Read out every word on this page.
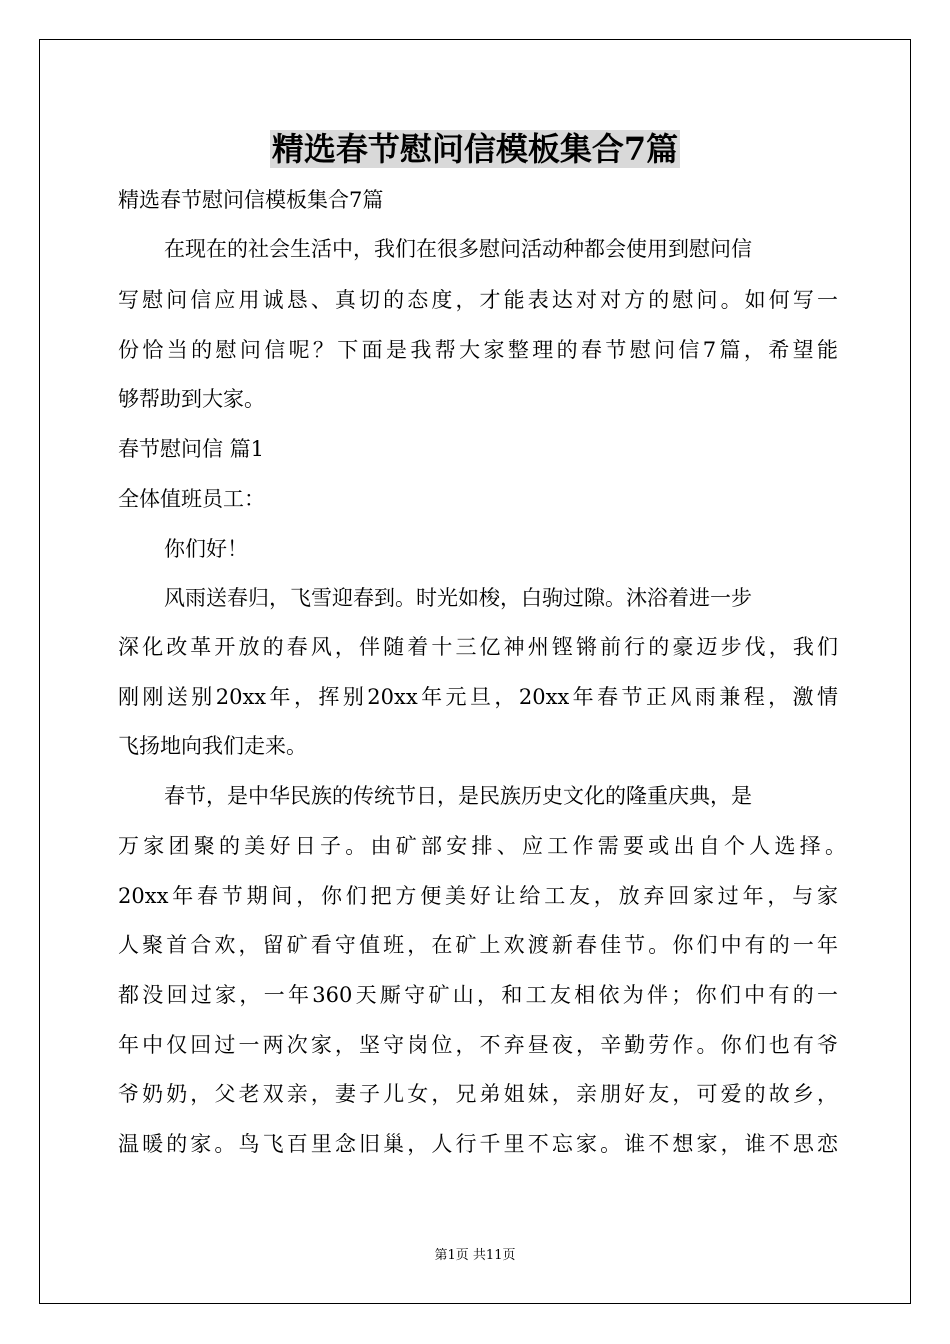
精选春节慰问信模板集合7篇

精选春节慰问信模板集合7篇

在现在的社会生活中，我们在很多慰问活动种都会使用到慰问信

写慰问信应用诚恳、真切的态度，才能表达对对方的慰问。如何写一

份恰当的慰问信呢？下面是我帮大家整理的春节慰问信7篇，希望能

够帮助到大家。

春节慰问信 篇1

全体值班员工：

你们好！

风雨送春归，飞雪迎春到。时光如梭，白驹过隙。沐浴着进一步

深化改革开放的春风，伴随着十三亿神州铿锵前行的豪迈步伐，我们

刚刚送别20xx年，挥别20xx年元旦，20xx年春节正风雨兼程，激情

飞扬地向我们走来。

春节，是中华民族的传统节日，是民族历史文化的隆重庆典，是

万家团聚的美好日子。由矿部安排、应工作需要或出自个人选择。

20xx年春节期间，你们把方便美好让给工友，放弃回家过年，与家

人聚首合欢，留矿看守值班，在矿上欢渡新春佳节。你们中有的一年

都没回过家，一年360天厮守矿山，和工友相依为伴；你们中有的一

年中仅回过一两次家，坚守岗位，不弃昼夜，辛勤劳作。你们也有爷

爷奶奶，父老双亲，妻子儿女，兄弟姐妹，亲朋好友，可爱的故乡，

温暖的家。鸟飞百里念旧巢，人行千里不忘家。谁不想家，谁不思恋

第1页 共11页
